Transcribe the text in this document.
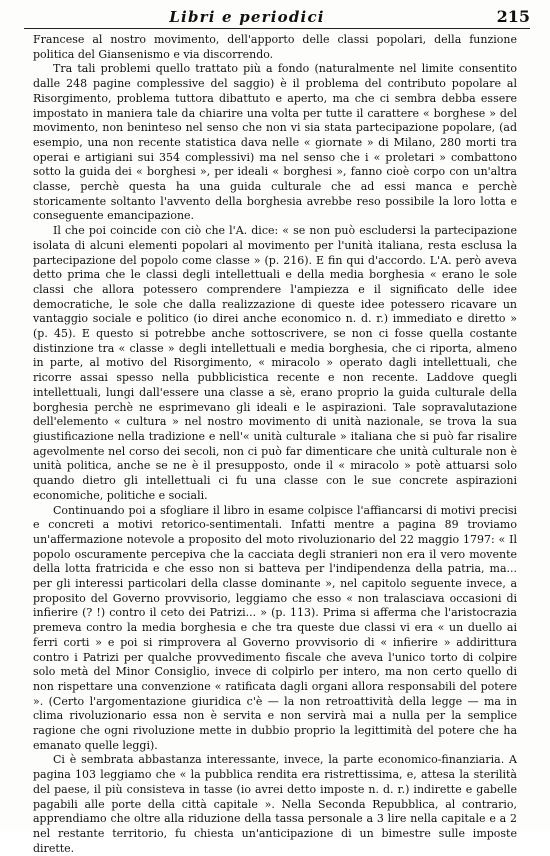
Libri e periodici	215

Francese al nostro movimento, dell'apporto delle classi popolari, della funzione politica del Giansenismo e via discorrendo.

Tra tali problemi quello trattato più a fondo (naturalmente nel limite consentito dalle 248 pagine complessive del saggio) è il problema del contributo popolare al Risorgimento, problema tuttora dibattuto e aperto, ma che ci sembra debba essere impostato in maniera tale da chiarire una volta per tutte il carattere « borghese » del movimento, non beninteso nel senso che non vi sia stata partecipazione popolare, (ad esempio, una non recente statistica dava nelle « giornate » di Milano, 280 morti tra operai e artigiani sui 354 complessivi) ma nel senso che i « proletari » combattono sotto la guida dei « borghesi », per ideali « borghesi », fanno cioè corpo con un'altra classe, perchè questa ha una guida culturale che ad essi manca e perchè storicamente soltanto l'avvento della borghesia avrebbe reso possibile la loro lotta e conseguente emancipazione.

Il che poi coincide con ciò che l'A. dice: « se non può escludersi la partecipazione isolata di alcuni elementi popolari al movimento per l'unità italiana, resta esclusa la partecipazione del popolo come classe » (p. 216). E fin qui d'accordo. L'A. però aveva detto prima che le classi degli intellettuali e della media borghesia « erano le sole classi che allora potessero comprendere l'ampiezza e il significato delle idee democratiche, le sole che dalla realizzazione di queste idee potessero ricavare un vantaggio sociale e politico (io direi anche economico n. d. r.) immediato e diretto » (p. 45). E questo si potrebbe anche sottoscrivere, se non ci fosse quella costante distinzione tra « classe » degli intellettuali e media borghesia, che ci riporta, almeno in parte, al motivo del Risorgimento, « miracolo » operato dagli intellettuali, che ricorre assai spesso nella pubblicistica recente e non recente. Laddove quegli intellettuali, lungi dall'essere una classe a sè, erano proprio la guida culturale della borghesia perchè ne esprimevano gli ideali e le aspirazioni. Tale sopravalutazione dell'elemento « cultura » nel nostro movimento di unità nazionale, se trova la sua giustificazione nella tradizione e nell'« unità culturale » italiana che si può far risalire agevolmente nel corso dei secoli, non ci può far dimenticare che unità culturale non è unità politica, anche se ne è il presupposto, onde il « miracolo » potè attuarsi solo quando dietro gli intellettuali ci fu una classe con le sue concrete aspirazioni economiche, politiche e sociali.

Continuando poi a sfogliare il libro in esame colpisce l'affiancarsi di motivi precisi e concreti a motivi retorico-sentimentali. Infatti mentre a pagina 89 troviamo un'affermazione notevole a proposito del moto rivoluzionario del 22 maggio 1797: « Il popolo oscuramente percepiva che la cacciata degli stranieri non era il vero movente della lotta fratricida e che esso non si batteva per l'indipendenza della patria, ma... per gli interessi particolari della classe dominante », nel capitolo seguente invece, a proposito del Governo provvisorio, leggiamo che esso « non tralasciava occasioni di infierire (? !) contro il ceto dei Patrizi... » (p. 113). Prima si afferma che l'aristocrazia premeva contro la media borghesia e che tra queste due classi vi era « un duello ai ferri corti » e poi si rimprovera al Governo provvisorio di « infierire » addirittura contro i Patrizi per qualche provvedimento fiscale che aveva l'unico torto di colpire solo metà del Minor Consiglio, invece di colpirlo per intero, ma non certo quello di non rispettare una convenzione « ratificata dagli organi allora responsabili del potere ». (Certo l'argomentazione giuridica c'è — la non retroattività della legge — ma in clima rivoluzionario essa non è servita e non servirà mai a nulla per la semplice ragione che ogni rivoluzione mette in dubbio proprio la legittimità del potere che ha emanato quelle leggi).

Ci è sembrata abbastanza interessante, invece, la parte economico-finanziaria. A pagina 103 leggiamo che « la pubblica rendita era ristrettissima, e, attesa la sterilità del paese, il più consisteva in tasse (io avrei detto imposte n. d. r.) indirette e gabelle pagabili alle porte della città capitale ». Nella Seconda Repubblica, al contrario, apprendiamo che oltre alla riduzione della tassa personale a 3 lire nella capitale e a 2 nel restante territorio, fu chiesta un'anticipazione di un bimestre sulle imposte dirette.
